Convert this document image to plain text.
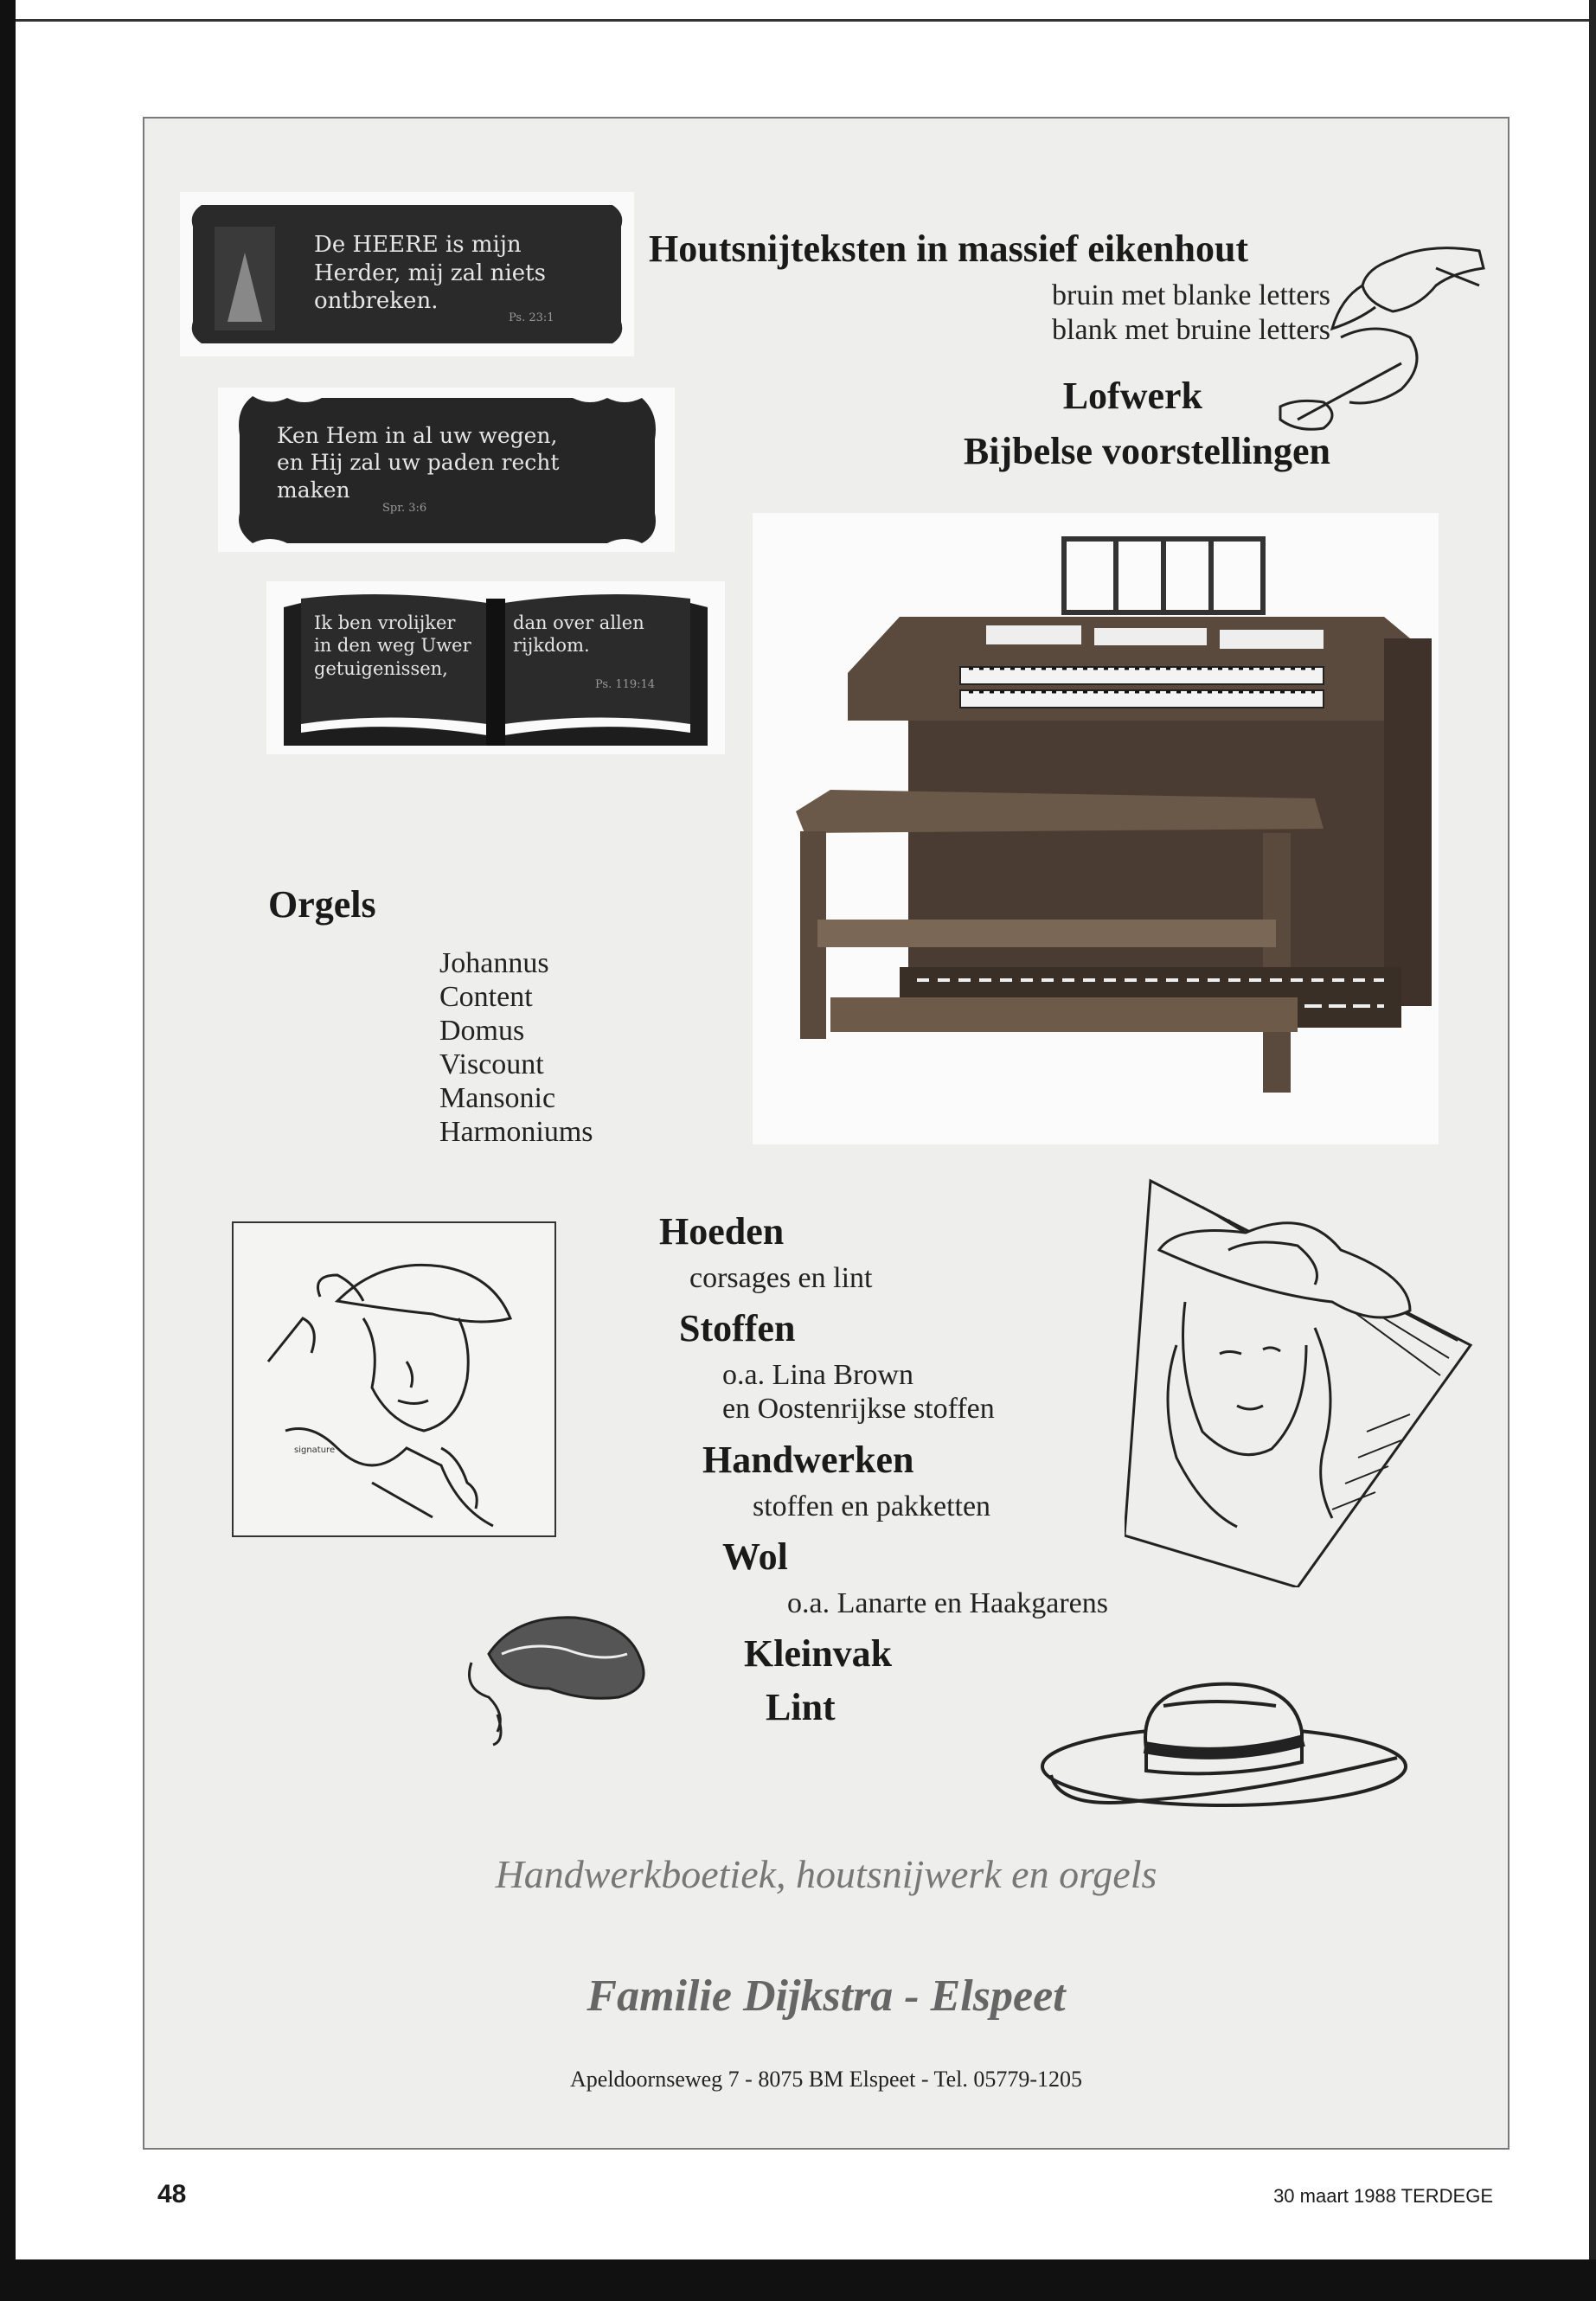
De HEERE is mijn
Herder, mij zal niets
ontbreken.
Ps. 23:1
Ken Hem in al uw wegen,
en Hij zal uw paden recht
maken
Spr. 3:6
Ik ben vrolijker
in den weg Uwer
getuigenissen,
dan over allen
rijkdom.
Ps. 119:14
Houtsnijteksten in massief eikenhout
bruin met blanke letters
blank met bruine letters
Lofwerk
Bijbelse voorstellingen
Orgels
Johannus
Content
Domus
Viscount
Mansonic
Harmoniums
signature
Hoeden
corsages en lint
Stoffen
o.a. Lina Brown
en Oostenrijkse stoffen
Handwerken
stoffen en pakketten
Wol
o.a. Lanarte en Haakgarens
Kleinvak
Lint
Handwerkboetiek, houtsnijwerk en orgels
Familie Dijkstra - Elspeet
Apeldoornseweg 7 - 8075 BM Elspeet - Tel. 05779-1205
48	30 maart 1988 TERDEGE
